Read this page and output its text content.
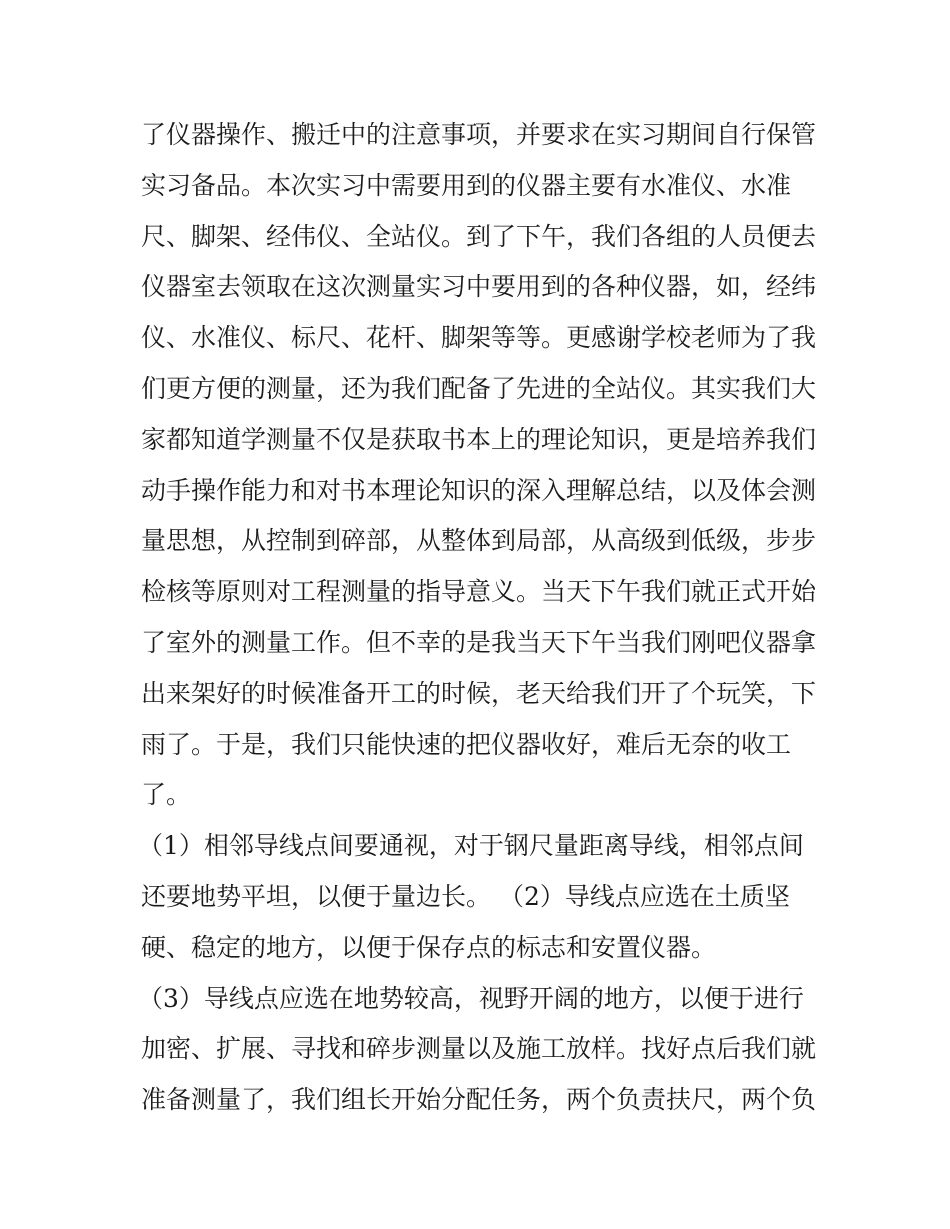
了仪器操作、搬迁中的注意事项，并要求在实习期间自行保管
实习备品。本次实习中需要用到的仪器主要有水准仪、水准
尺、脚架、经伟仪、全站仪。到了下午，我们各组的人员便去
仪器室去领取在这次测量实习中要用到的各种仪器，如，经纬
仪、水准仪、标尺、花杆、脚架等等。更感谢学校老师为了我
们更方便的测量，还为我们配备了先进的全站仪。其实我们大
家都知道学测量不仅是获取书本上的理论知识，更是培养我们
动手操作能力和对书本理论知识的深入理解总结，以及体会测
量思想，从控制到碎部，从整体到局部，从高级到低级，步步
检核等原则对工程测量的指导意义。当天下午我们就正式开始
了室外的测量工作。但不幸的是我当天下午当我们刚吧仪器拿
出来架好的时候准备开工的时候，老天给我们开了个玩笑，下
雨了。于是，我们只能快速的把仪器收好，难后无奈的收工
了。
（1）相邻导线点间要通视，对于钢尺量距离导线，相邻点间
还要地势平坦，以便于量边长。 （2）导线点应选在土质坚
硬、稳定的地方，以便于保存点的标志和安置仪器。
（3）导线点应选在地势较高，视野开阔的地方，以便于进行
加密、扩展、寻找和碎步测量以及施工放样。找好点后我们就
准备测量了，我们组长开始分配任务，两个负责扶尺，两个负
